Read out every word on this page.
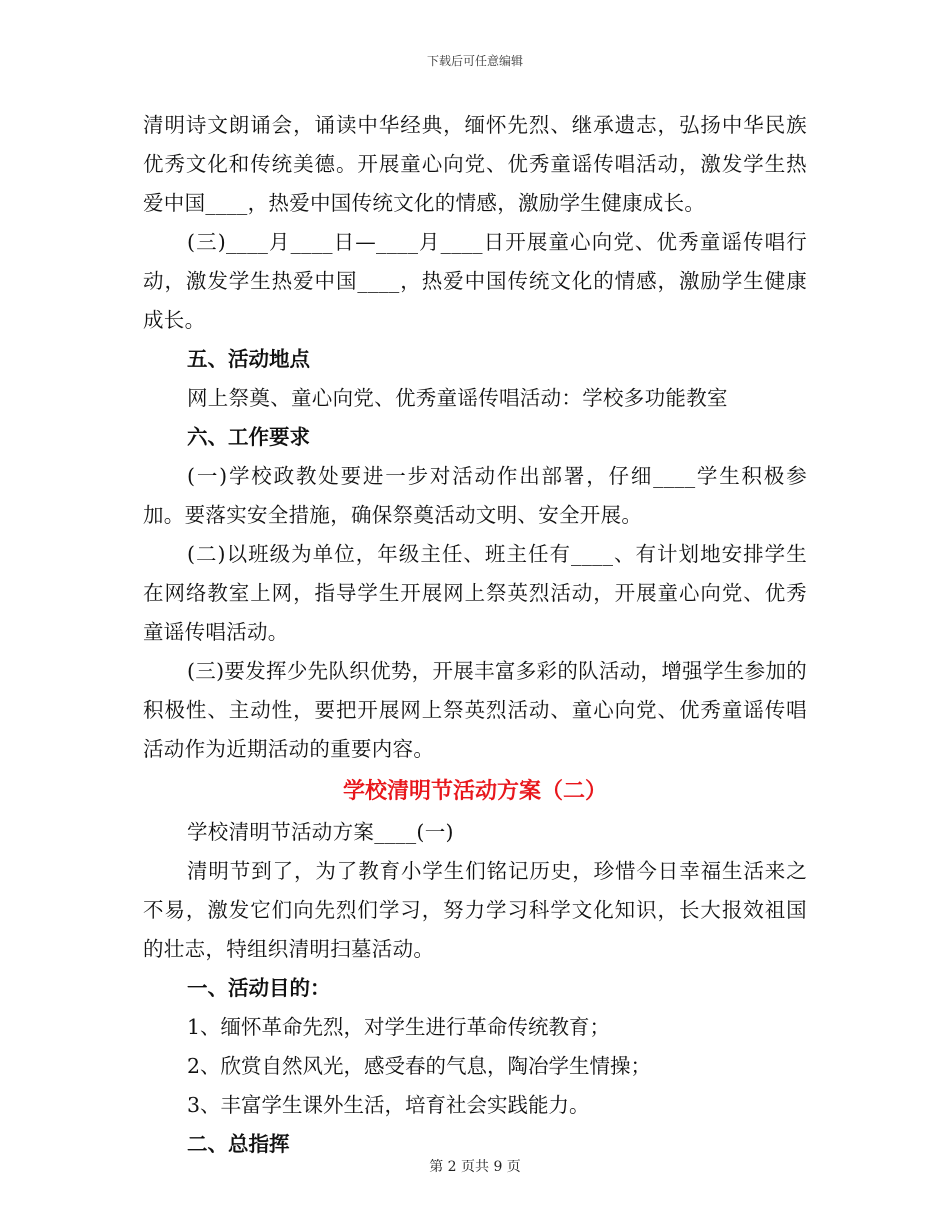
下载后可任意编辑

清明诗文朗诵会，诵读中华经典，缅怀先烈、继承遗志，弘扬中华民族优秀文化和传统美德。开展童心向党、优秀童谣传唱活动，激发学生热爱中国____，热爱中国传统文化的情感，激励学生健康成长。

(三)____月____日—____月____日开展童心向党、优秀童谣传唱行动，激发学生热爱中国____，热爱中国传统文化的情感，激励学生健康成长。

五、活动地点

网上祭奠、童心向党、优秀童谣传唱活动：学校多功能教室

六、工作要求

(一)学校政教处要进一步对活动作出部署，仔细____学生积极参加。要落实安全措施，确保祭奠活动文明、安全开展。

(二)以班级为单位，年级主任、班主任有____、有计划地安排学生在网络教室上网，指导学生开展网上祭英烈活动，开展童心向党、优秀童谣传唱活动。

(三)要发挥少先队织优势，开展丰富多彩的队活动，增强学生参加的积极性、主动性，要把开展网上祭英烈活动、童心向党、优秀童谣传唱活动作为近期活动的重要内容。

学校清明节活动方案（二）

学校清明节活动方案____(一)

清明节到了，为了教育小学生们铭记历史，珍惜今日幸福生活来之不易，激发它们向先烈们学习，努力学习科学文化知识，长大报效祖国的壮志，特组织清明扫墓活动。

一、活动目的：

1、缅怀革命先烈，对学生进行革命传统教育；

2、欣赏自然风光，感受春的气息，陶冶学生情操；

3、丰富学生课外生活，培育社会实践能力。

二、总指挥

第 2 页共 9 页
